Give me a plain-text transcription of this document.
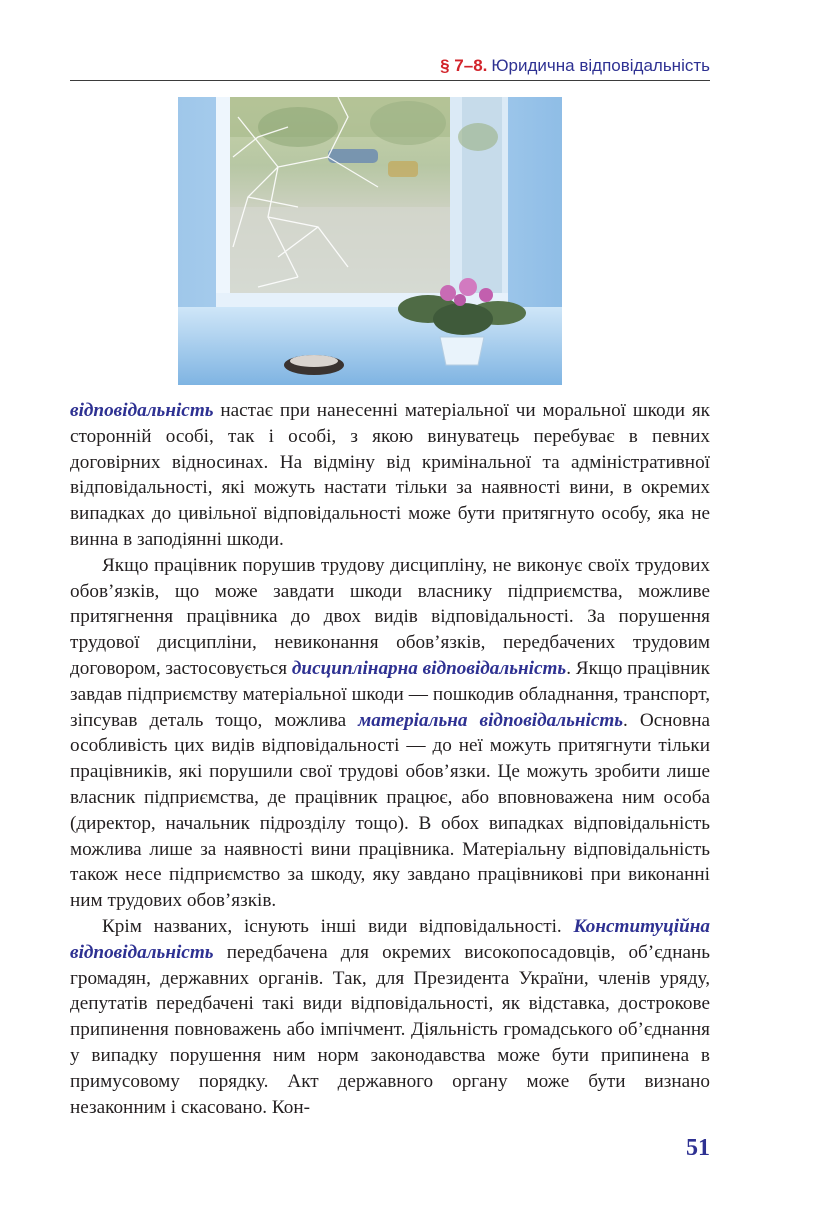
§ 7–8. Юридична відповідальність

відповідальність настає при нанесенні матеріальної чи моральної шкоди як сторонній особі, так і особі, з якою винуватець перебуває в певних договірних відносинах. На відміну від кримінальної та адміністративної відповідальності, які можуть настати тільки за наявності вини, в окремих випадках до цивільної відповідальності може бути притягнуто особу, яка не винна в заподіянні шкоди.

Якщо працівник порушив трудову дисципліну, не виконує своїх трудових обов’язків, що може завдати шкоди власнику підприємства, можливе притягнення працівника до двох видів відповідальності. За порушення трудової дисципліни, невиконання обов’язків, передбачених трудовим договором, застосовується дисциплінарна відповідальність. Якщо працівник завдав підприємству матеріальної шкоди — пошкодив обладнання, транспорт, зіпсував деталь тощо, можлива матеріальна відповідальність. Основна особливість цих видів відповідальності — до неї можуть притягнути тільки працівників, які порушили свої трудові обов’язки. Це можуть зробити лише власник підприємства, де працівник працює, або вповноважена ним особа (директор, начальник підрозділу тощо). В обох випадках відповідальність можлива лише за наявності вини працівника. Матеріальну відповідальність також несе підприємство за шкоду, яку завдано працівникові при виконанні ним трудових обов’язків.

Крім названих, існують інші види відповідальності. Конституційна відповідальність передбачена для окремих високопосадовців, об’єднань громадян, державних органів. Так, для Президента України, членів уряду, депутатів передбачені такі види відповідальності, як відставка, дострокове припинення повноважень або імпічмент. Діяльність громадського об’єднання у випадку порушення ним норм законодавства може бути припинена в примусовому порядку. Акт державного органу може бути визнано незаконним і скасовано. Кон-

51
